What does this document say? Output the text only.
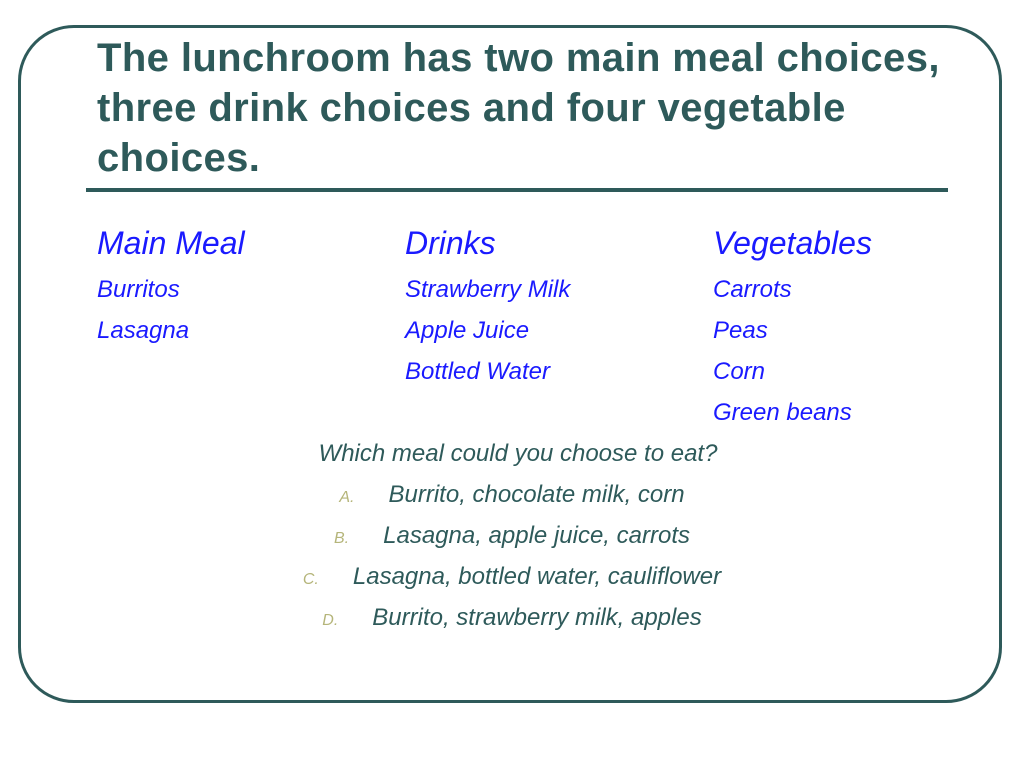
The lunchroom has two main meal choices, three drink choices and four vegetable choices.
Main Meal
Burritos
Lasagna
Drinks
Strawberry Milk
Apple Juice
Bottled Water
Vegetables
Carrots
Peas
Corn
Green beans
Which meal could you choose to eat?
A. Burrito, chocolate milk, corn
B. Lasagna, apple juice, carrots
C. Lasagna, bottled water, cauliflower
D. Burrito, strawberry milk, apples
